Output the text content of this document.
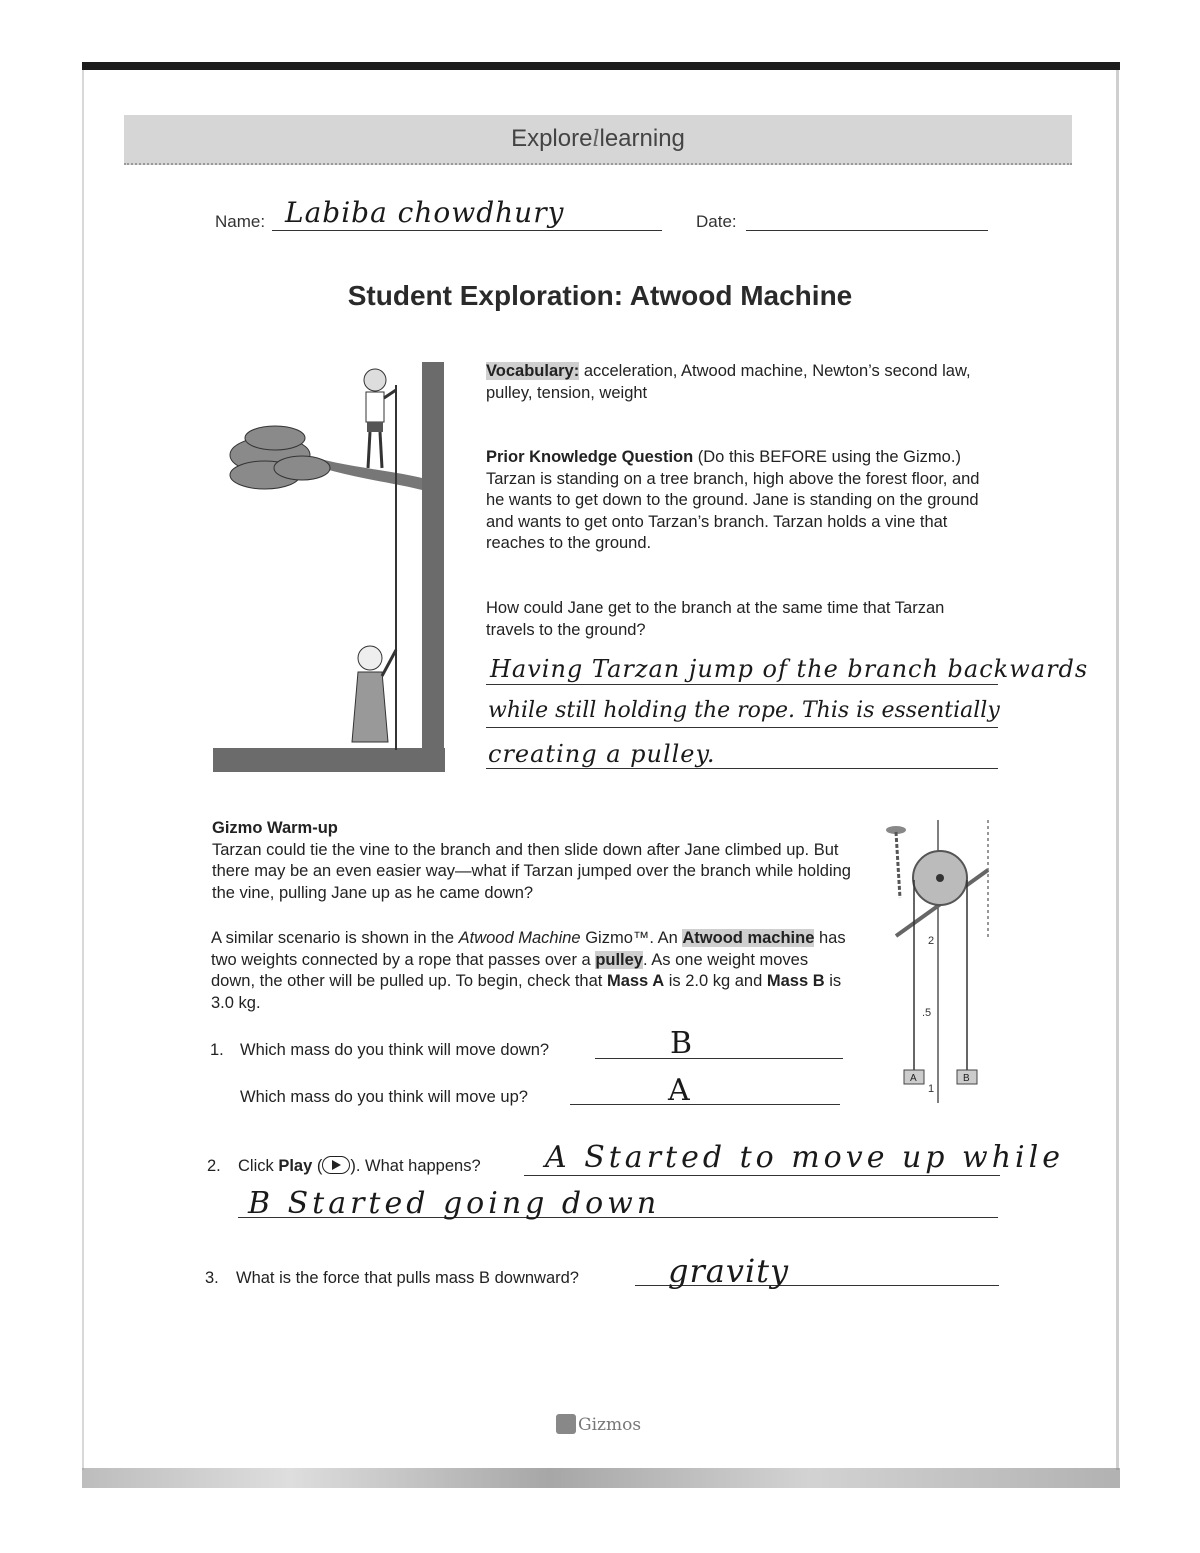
Explorellearning
Name: Labiba chowdhury	Date:
Student Exploration: Atwood Machine
Vocabulary: acceleration, Atwood machine, Newton’s second law, pulley, tension, weight
Prior Knowledge Question (Do this BEFORE using the Gizmo.)
Tarzan is standing on a tree branch, high above the forest floor, and he wants to get down to the ground. Jane is standing on the ground and wants to get onto Tarzan’s branch. Tarzan holds a vine that reaches to the ground.
How could Jane get to the branch at the same time that Tarzan travels to the ground?
Having Tarzan jump of the branch backwards
while still holding the rope. This is essentially
creating a pulley.
Gizmo Warm-up
Tarzan could tie the vine to the branch and then slide down after Jane climbed up. But there may be an even easier way—what if Tarzan jumped over the branch while holding the vine, pulling Jane up as he came down?
A similar scenario is shown in the Atwood Machine Gizmo™. An Atwood machine has two weights connected by a rope that passes over a pulley. As one weight moves down, the other will be pulled up. To begin, check that Mass A is 2.0 kg and Mass B is 3.0 kg.
2
.5
1
A	B
1. Which mass do you think will move down?	B
Which mass do you think will move up?	A
2. Click Play ( ). What happens? A Started to move up while
B Started going down
3. What is the force that pulls mass B downward?	gravity
Gizmos
